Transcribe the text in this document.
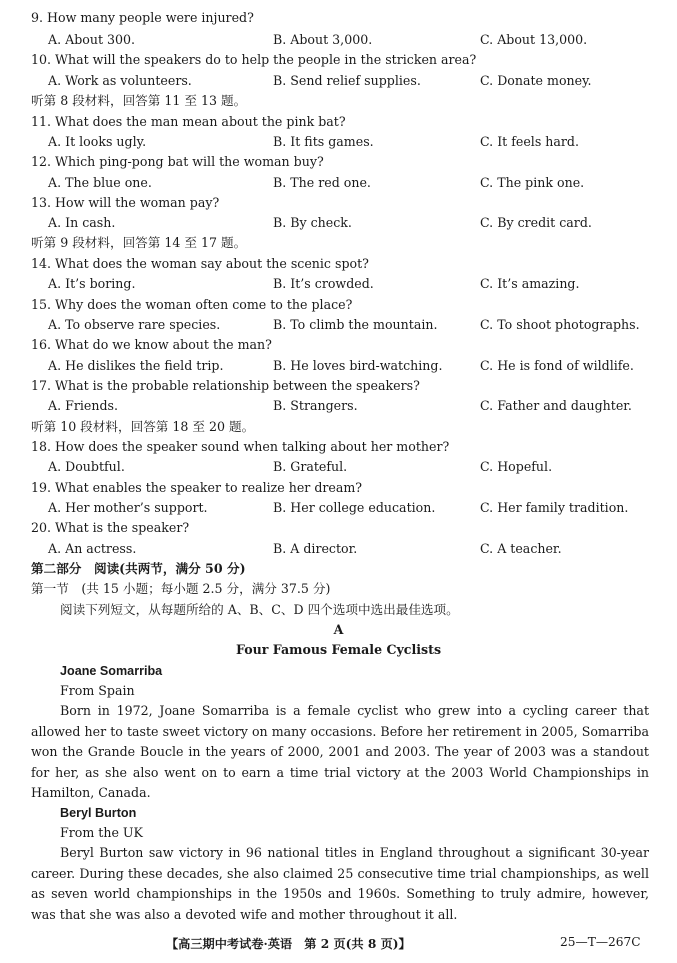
9. How many people were injured?
A. About 300.	B. About 3,000.	C. About 13,000.
10. What will the speakers do to help the people in the stricken area?
A. Work as volunteers.	B. Send relief supplies.	C. Donate money.
听第 8 段材料，回答第 11 至 13 题。
11. What does the man mean about the pink bat?
A. It looks ugly.	B. It fits games.	C. It feels hard.
12. Which ping-pong bat will the woman buy?
A. The blue one.	B. The red one.	C. The pink one.
13. How will the woman pay?
A. In cash.	B. By check.	C. By credit card.
听第 9 段材料，回答第 14 至 17 题。
14. What does the woman say about the scenic spot?
A. It’s boring.	B. It’s crowded.	C. It’s amazing.
15. Why does the woman often come to the place?
A. To observe rare species.	B. To climb the mountain.	C. To shoot photographs.
16. What do we know about the man?
A. He dislikes the field trip.	B. He loves bird-watching.	C. He is fond of wildlife.
17. What is the probable relationship between the speakers?
A. Friends.	B. Strangers.	C. Father and daughter.
听第 10 段材料，回答第 18 至 20 题。
18. How does the speaker sound when talking about her mother?
A. Doubtful.	B. Grateful.	C. Hopeful.
19. What enables the speaker to realize her dream?
A. Her mother’s support.	B. Her college education.	C. Her family tradition.
20. What is the speaker?
A. An actress.	B. A director.	C. A teacher.
第二部分　阅读(共两节，满分 50 分)
第一节　(共 15 小题；每小题 2.5 分，满分 37.5 分)
阅读下列短文，从每题所给的 A、B、C、D 四个选项中选出最佳选项。
A
Four Famous Female Cyclists
Joane Somarriba
From Spain
Born in 1972, Joane Somarriba is a female cyclist who grew into a cycling career that allowed her to taste sweet victory on many occasions. Before her retirement in 2005, Somarriba won the Grande Boucle in the years of 2000, 2001 and 2003. The year of 2003 was a standout for her, as she also went on to earn a time trial victory at the 2003 World Championships in Hamilton, Canada.
Beryl Burton
From the UK
Beryl Burton saw victory in 96 national titles in England throughout a significant 30-year career. During these decades, she also claimed 25 consecutive time trial championships, as well as seven world championships in the 1950s and 1960s. Something to truly admire, however, was that she was also a devoted wife and mother throughout it all.
【高三期中考试卷·英语　第 2 页(共 8 页)】	25—T—267C
